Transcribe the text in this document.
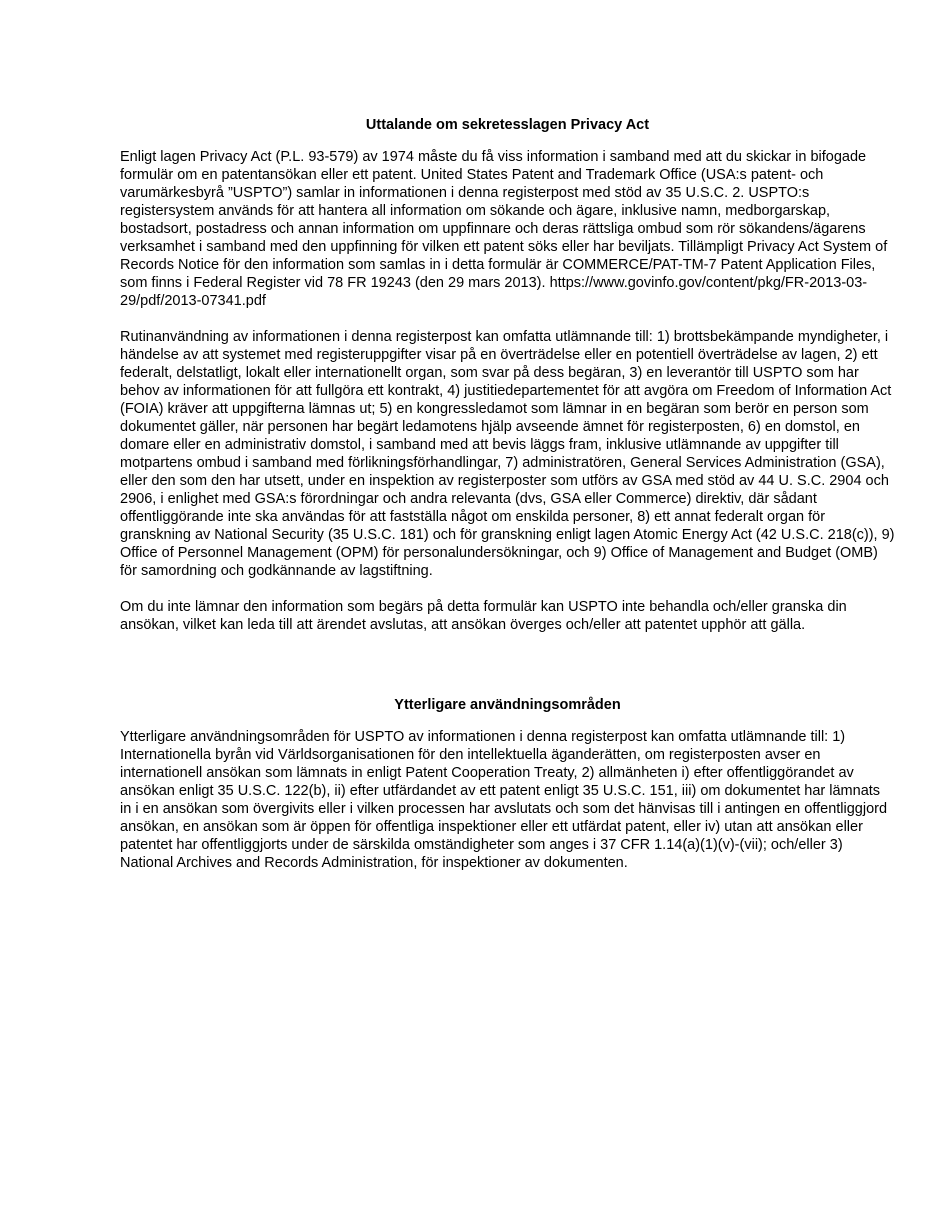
Uttalande om sekretesslagen Privacy Act

Enligt lagen Privacy Act (P.L. 93-579) av 1974 måste du få viss information i samband med att du skickar in bifogade formulär om en patentansökan eller ett patent. United States Patent and Trademark Office (USA:s patent- och varumärkesbyrå ”USPTO”) samlar in informationen i denna registerpost med stöd av 35 U.S.C. 2. USPTO:s registersystem används för att hantera all information om sökande och ägare, inklusive namn, medborgarskap, bostadsort, postadress och annan information om uppfinnare och deras rättsliga ombud som rör sökandens/ägarens verksamhet i samband med den uppfinning för vilken ett patent söks eller har beviljats. Tillämpligt Privacy Act System of Records Notice för den information som samlas in i detta formulär är COMMERCE/PAT-TM-7 Patent Application Files, som finns i Federal Register vid 78 FR 19243 (den 29 mars 2013). https://www.govinfo.gov/content/pkg/FR-2013-03-29/pdf/2013-07341.pdf

Rutinanvändning av informationen i denna registerpost kan omfatta utlämnande till: 1) brottsbekämpande myndigheter, i händelse av att systemet med registeruppgifter visar på en överträdelse eller en potentiell överträdelse av lagen, 2) ett federalt, delstatligt, lokalt eller internationellt organ, som svar på dess begäran, 3) en leverantör till USPTO som har behov av informationen för att fullgöra ett kontrakt, 4) justitiedepartementet för att avgöra om Freedom of Information Act (FOIA) kräver att uppgifterna lämnas ut; 5) en kongressledamot som lämnar in en begäran som berör en person som dokumentet gäller, när personen har begärt ledamotens hjälp avseende ämnet för registerposten, 6) en domstol, en domare eller en administrativ domstol, i samband med att bevis läggs fram, inklusive utlämnande av uppgifter till motpartens ombud i samband med förlikningsförhandlingar, 7) administratören, General Services Administration (GSA), eller den som den har utsett, under en inspektion av registerposter som utförs av GSA med stöd av 44 U. S.C. 2904 och 2906, i enlighet med GSA:s förordningar och andra relevanta (dvs, GSA eller Commerce) direktiv, där sådant offentliggörande inte ska användas för att fastställa något om enskilda personer, 8) ett annat federalt organ för granskning av National Security (35 U.S.C. 181) och för granskning enligt lagen Atomic Energy Act (42 U.S.C. 218(c)), 9) Office of Personnel Management (OPM) för personalundersökningar, och 9) Office of Management and Budget (OMB) för samordning och godkännande av lagstiftning.

Om du inte lämnar den information som begärs på detta formulär kan USPTO inte behandla och/eller granska din ansökan, vilket kan leda till att ärendet avslutas, att ansökan överges och/eller att patentet upphör att gälla.

Ytterligare användningsområden

Ytterligare användningsområden för USPTO av informationen i denna registerpost kan omfatta utlämnande till: 1) Internationella byrån vid Världsorganisationen för den intellektuella äganderätten, om registerposten avser en internationell ansökan som lämnats in enligt Patent Cooperation Treaty, 2) allmänheten i) efter offentliggörandet av ansökan enligt 35 U.S.C. 122(b), ii) efter utfärdandet av ett patent enligt 35 U.S.C. 151, iii) om dokumentet har lämnats in i en ansökan som övergivits eller i vilken processen har avslutats och som det hänvisas till i antingen en offentliggjord ansökan, en ansökan som är öppen för offentliga inspektioner eller ett utfärdat patent, eller iv) utan att ansökan eller patentet har offentliggjorts under de särskilda omständigheter som anges i 37 CFR 1.14(a)(1)(v)-(vii); och/eller 3) National Archives and Records Administration, för inspektioner av dokumenten.
